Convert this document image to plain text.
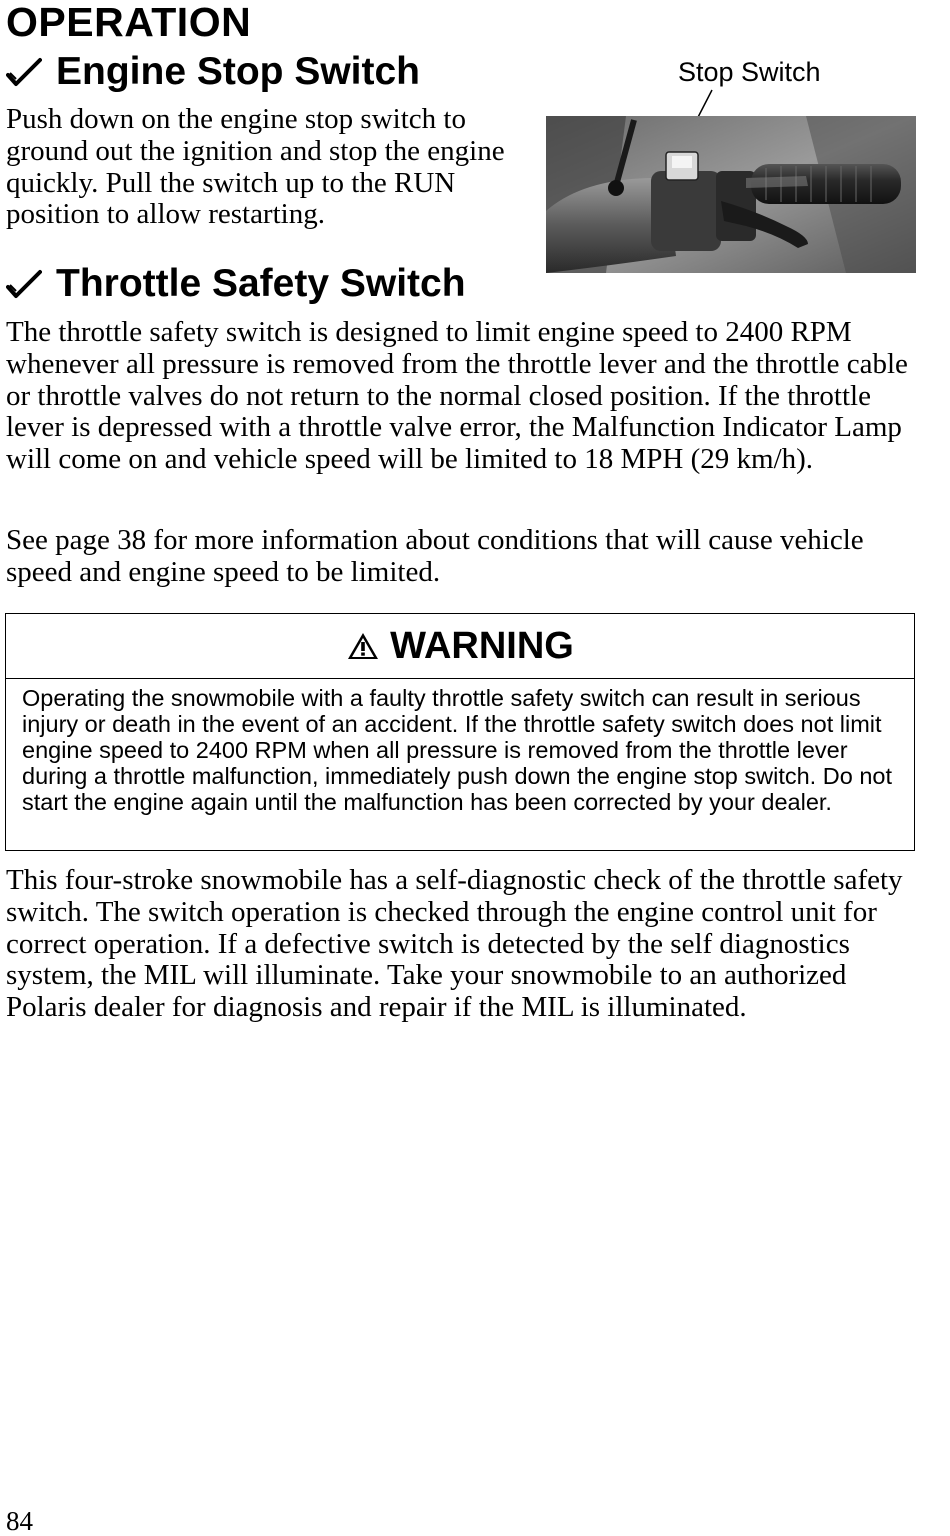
OPERATION
Engine Stop Switch

Push down on the engine stop switch to ground out the ignition and stop the engine quickly. Pull the switch up to the RUN position to allow restarting.

Stop Switch
Throttle Safety Switch

The throttle safety switch is designed to limit engine speed to 2400 RPM whenever all pressure is removed from the throttle lever and the throttle cable or throttle valves do not return to the normal closed position. If the throttle lever is depressed with a throttle valve error, the Malfunction Indicator Lamp will come on and vehicle speed will be limited to 18 MPH (29 km/h).

See page 38 for more information about conditions that will cause vehicle speed and engine speed to be limited.

WARNING

Operating the snowmobile with a faulty throttle safety switch can result in serious injury or death in the event of an accident. If the throttle safety switch does not limit engine speed to 2400 RPM when all pressure is removed from the throttle lever during a throttle malfunction, immediately push down the engine stop switch. Do not start the engine again until the malfunction has been corrected by your dealer.

This four-stroke snowmobile has a self-diagnostic check of the throttle safety switch. The switch operation is checked through the engine control unit for correct operation. If a defective switch is detected by the self diagnostics system, the MIL will illuminate. Take your snowmobile to an authorized Polaris dealer for diagnosis and repair if the MIL is illuminated.

84
